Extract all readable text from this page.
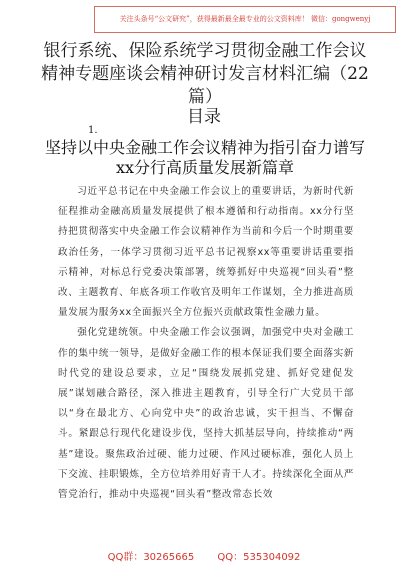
关注头条号“公文研究”，获得最新最全最专业的公文资料库！ 微信：gongwenyj
银行系统、保险系统学习贯彻金融工作会议精神专题座谈会精神研讨发言材料汇编（22篇）
目录
1.
坚持以中央金融工作会议精神为指引奋力谱写xx分行高质量发展新篇章

习近平总书记在中央金融工作会议上的重要讲话，为新时代新征程推动金融高质量发展提供了根本遵循和行动指南。xx分行坚持把贯彻落实中央金融工作会议精神作为当前和今后一个时期重要政治任务，一体学习贯彻习近平总书记视察xx等重要讲话重要指示精神，对标总行党委决策部署，统筹抓好中央巡视“回头看”整改、主题教育、年底各项工作收官及明年工作谋划，全力推进高质量发展为服务xx全面振兴全方位振兴贡献政策性金融力量。

强化党建统领。中央金融工作会议强调，加强党中央对金融工作的集中统一领导，是做好金融工作的根本保证我们要全面落实新时代党的建设总要求，立足“围绕发展抓党建、抓好党建促发展”谋划融合路径，深入推进主题教育，引导全行广大党员干部以“身在最北方、心向党中央”的政治忠诚，实干担当、不懈奋斗。紧跟总行现代化建设步伐，坚持大抓基层导向，持续推动“两基”建设。聚焦政治过硬、能力过硬、作风过硬标准，强化人员上下交流、挂职锻炼，全方位培养用好青干人才。持续深化全面从严管党治行，推动中央巡视“回头看”整改常态长效

QQ群：30265665 QQ：535304092
